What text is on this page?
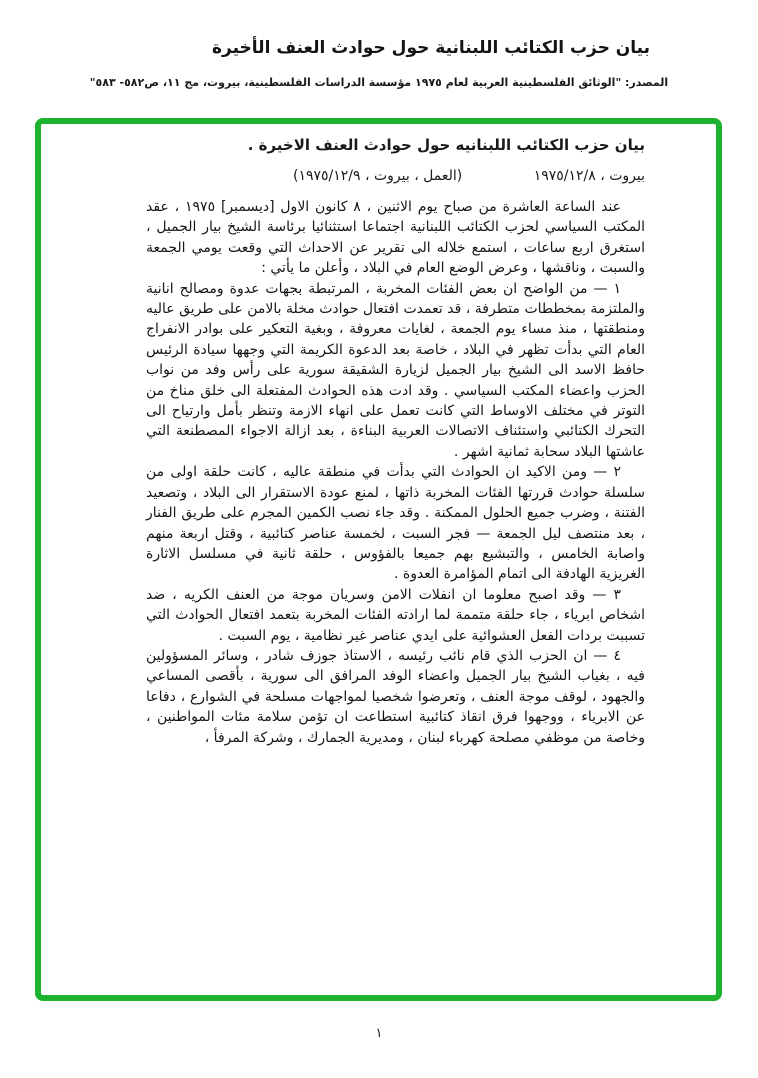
بيان حزب الكتائب اللبنانية حول حوادث العنف الأخيرة
المصدر: "الوثائق الفلسطينية العربية لعام ١٩٧٥ مؤسسة الدراسات الفلسطينية، بيروت، مج ١١، ص٥٨٢- ٥٨٣"
بيان حزب الكتائب اللبنانيه حول حوادث العنف الاخيرة .
بيروت ، ١٩٧٥/١٢/٨
(العمل ، بيروت ، ١٩٧٥/١٢/٩)

عند الساعة العاشرة من صباح يوم الاثنين ، ٨ كانون الاول [ديسمبر] ١٩٧٥ ، عقد المكتب السياسي لحزب الكتائب اللبنانية اجتماعا استثنائيا برئاسة الشيخ بيار الجميل ، استغرق اربع ساعات ، استمع خلاله الى تقرير عن الاحداث التي وقعت يومي الجمعة والسبت ، وناقشها ، وعرض الوضع العام في البلاد ، وأعلن ما يأتي :

١ — من الواضح ان بعض الفئات المخربة ، المرتبطة بجهات عدوة ومصالح انانية والملتزمة بمخططات متطرفة ، قد تعمدت افتعال حوادث مخلة بالامن على طريق عاليه ومنطقتها ، منذ مساء يوم الجمعة ، لغايات معروفة ، وبغية التعكير على بوادر الانفراج العام التي بدأت تظهر في البلاد ، خاصة بعد الدعوة الكريمة التي وجهها سيادة الرئيس حافظ الاسد الى الشيخ بيار الجميل لزيارة الشقيقة سورية على رأس وفد من نواب الحزب واعضاء المكتب السياسي . وقد ادت هذه الحوادث المفتعلة الى خلق مناخ من التوتر في مختلف الاوساط التي كانت تعمل على انهاء الازمة وتنظر بأمل وارتياح الى التحرك الكتائبي واستئناف الاتصالات العربية البناءة ، بعد ازالة الاجواء المصطنعة التي عاشتها البلاد سحابة ثمانية اشهر .

٢ — ومن الاكيد ان الحوادث التي بدأت في منطقة عاليه ، كانت حلقة اولى من سلسلة حوادث قررتها الفئات المخربة ذاتها ، لمنع عودة الاستقرار الى البلاد ، وتصعيد الفتنة ، وضرب جميع الحلول الممكنة . وقد جاء نصب الكمين المجرم على طريق الفنار ، بعد منتصف ليل الجمعة — فجر السبت ، لخمسة عناصر كتائبية ، وقتل اربعة منهم واصابة الخامس ، والتبشيع بهم جميعا بالفؤوس ، حلقة ثانية في مسلسل الاثارة الغريزية الهادفة الى اتمام المؤامرة العدوة .

٣ — وقد اصبح معلوما ان انفلات الامن وسريان موجة من العنف الكريه ، ضد اشخاص ابرياء ، جاء حلقة متممة لما ارادته الفئات المخربة بتعمد افتعال الحوادث التي تسببت بردات الفعل العشوائية على ايدي عناصر غير نظامية ، يوم السبت .

٤ — ان الحزب الذي قام نائب رئيسه ، الاستاذ جوزف شادر ، وسائر المسؤولين فيه ، بغياب الشيخ بيار الجميل واعضاء الوفد المرافق الى سورية ، بأقصى المساعي والجهود ، لوقف موجة العنف ، وتعرضوا شخصيا لمواجهات مسلحة في الشوارع ، دفاعا عن الابرياء ، ووجهوا فرق انقاذ كتائبية استطاعت ان تؤمن سلامة مئات المواطنين ، وخاصة من موظفي مصلحة كهرباء لبنان ، ومديرية الجمارك ، وشركة المرفأ ،

١
